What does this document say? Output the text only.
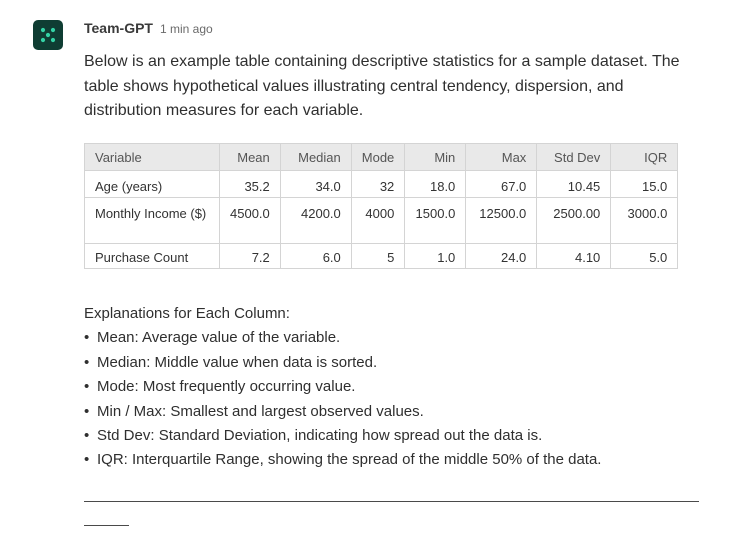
Team-GPT 1 min ago

Below is an example table containing descriptive statistics for a sample dataset. The table shows hypothetical values illustrating central tendency, dispersion, and distribution measures for each variable.

Variable	Mean	Median	Mode	Min	Max	Std Dev	IQR
Age (years)	35.2	34.0	32	18.0	67.0	10.45	15.0
Monthly Income ($)	4500.0	4200.0	4000	1500.0	12500.0	2500.00	3000.0
Purchase Count	7.2	6.0	5	1.0	24.0	4.10	5.0
Explanations for Each Column:
• Mean: Average value of the variable.
• Median: Middle value when data is sorted.
• Mode: Most frequently occurring value.
• Min / Max: Smallest and largest observed values.
• Std Dev: Standard Deviation, indicating how spread out the data is.
• IQR: Interquartile Range, showing the spread of the middle 50% of the data.
